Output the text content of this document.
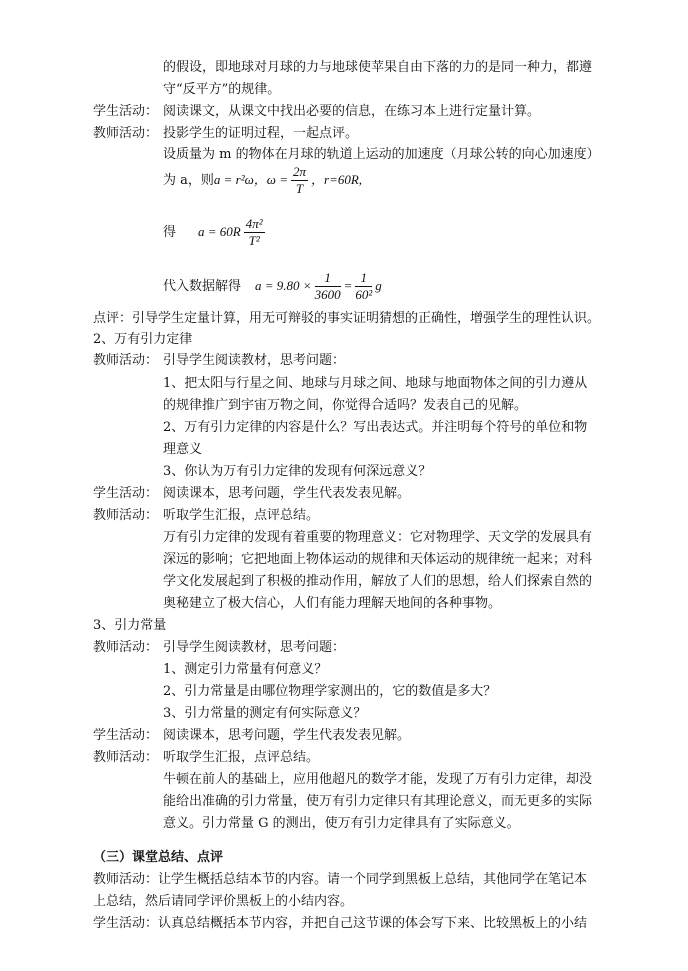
的假设，即地球对月球的力与地球使苹果自由下落的力的是同一种力，都遵
守“反平方”的规律。
学生活动： 阅读课文，从课文中找出必要的信息，在练习本上进行定量计算。
教师活动： 投影学生的证明过程，一起点评。
设质量为 m 的物体在月球的轨道上运动的加速度（月球公转的向心加速度）
为 a，则a = r²ω，$\omega = \frac{2\pi}{T}$ ，r=60R,
得 $a = 60R \frac{\text{4π²}}{\text{T²}}$
代入数据解得 $a = 9.80 \times \frac{1}{3600} = \frac{1}{\text{60²}}$ g
点评：引导学生定量计算，用无可辩驳的事实证明猜想的正确性，增强学生的理性认识。
2、万有引力定律
教师活动： 引导学生阅读教材，思考问题：
1、把太阳与行星之间、地球与月球之间、地球与地面物体之间的引力遵从
的规律推广到宇宙万物之间，你觉得合适吗？发表自己的见解。
2、万有引力定律的内容是什么？写出表达式。并注明每个符号的单位和物
理意义
3、你认为万有引力定律的发现有何深远意义？
学生活动： 阅读课本，思考问题，学生代表发表见解。
教师活动： 听取学生汇报，点评总结。
万有引力定律的发现有着重要的物理意义：它对物理学、天文学的发展具有
深远的影响；它把地面上物体运动的规律和天体运动的规律统一起来；对科
学文化发展起到了积极的推动作用，解放了人们的思想，给人们探索自然的
奥秘建立了极大信心，人们有能力理解天地间的各种事物。
3、引力常量
教师活动： 引导学生阅读教材，思考问题：
1、测定引力常量有何意义？
2、引力常量是由哪位物理学家测出的，它的数值是多大？
3、引力常量的测定有何实际意义？
学生活动： 阅读课本，思考问题，学生代表发表见解。
教师活动： 听取学生汇报，点评总结。
牛顿在前人的基础上，应用他超凡的数学才能，发现了万有引力定律，却没
能给出准确的引力常量，使万有引力定律只有其理论意义，而无更多的实际
意义。引力常量 G 的测出，使万有引力定律具有了实际意义。
（三）课堂总结、点评
教师活动：让学生概括总结本节的内容。请一个同学到黑板上总结，其他同学在笔记本
上总结，然后请同学评价黑板上的小结内容。
学生活动：认真总结概括本节内容，并把自己这节课的体会写下来、比较黑板上的小结
